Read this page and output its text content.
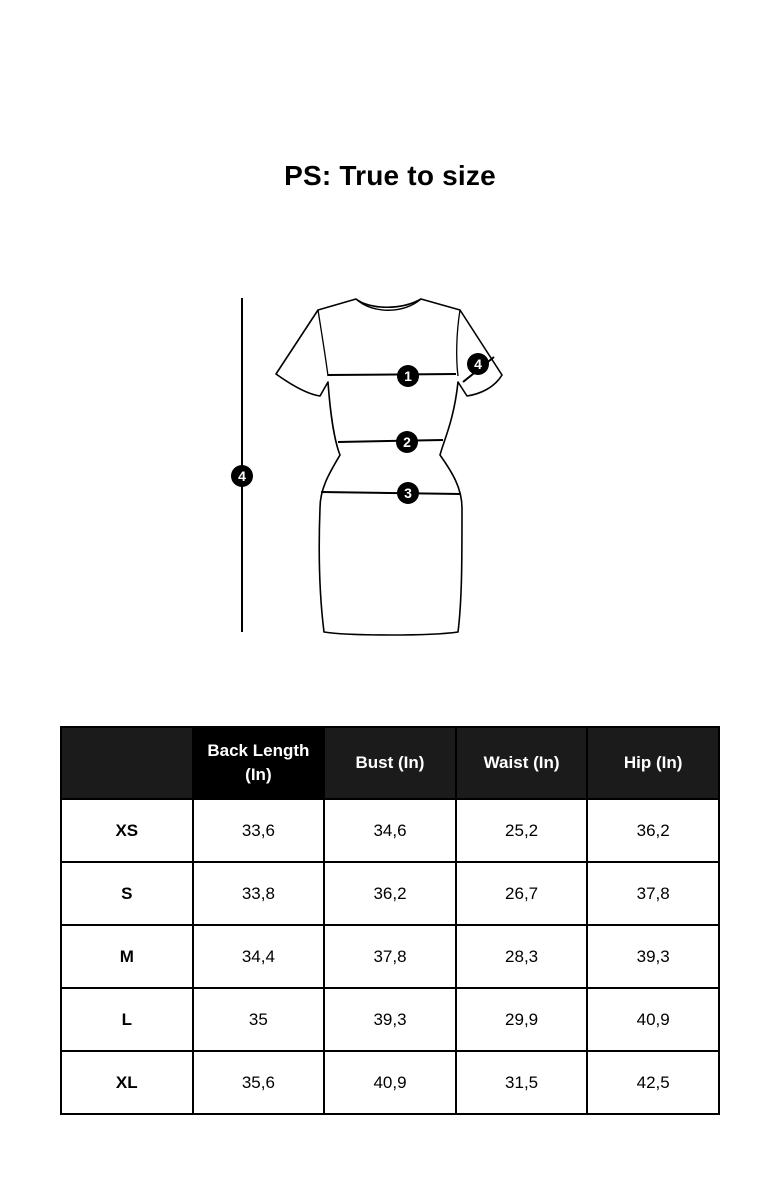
PS: True to size
1
2
3
4
4
	Back Length (In)	Bust (In)	Waist (In)	Hip (In)
XS	33,6	34,6	25,2	36,2
S	33,8	36,2	26,7	37,8
M	34,4	37,8	28,3	39,3
L	35	39,3	29,9	40,9
XL	35,6	40,9	31,5	42,5
